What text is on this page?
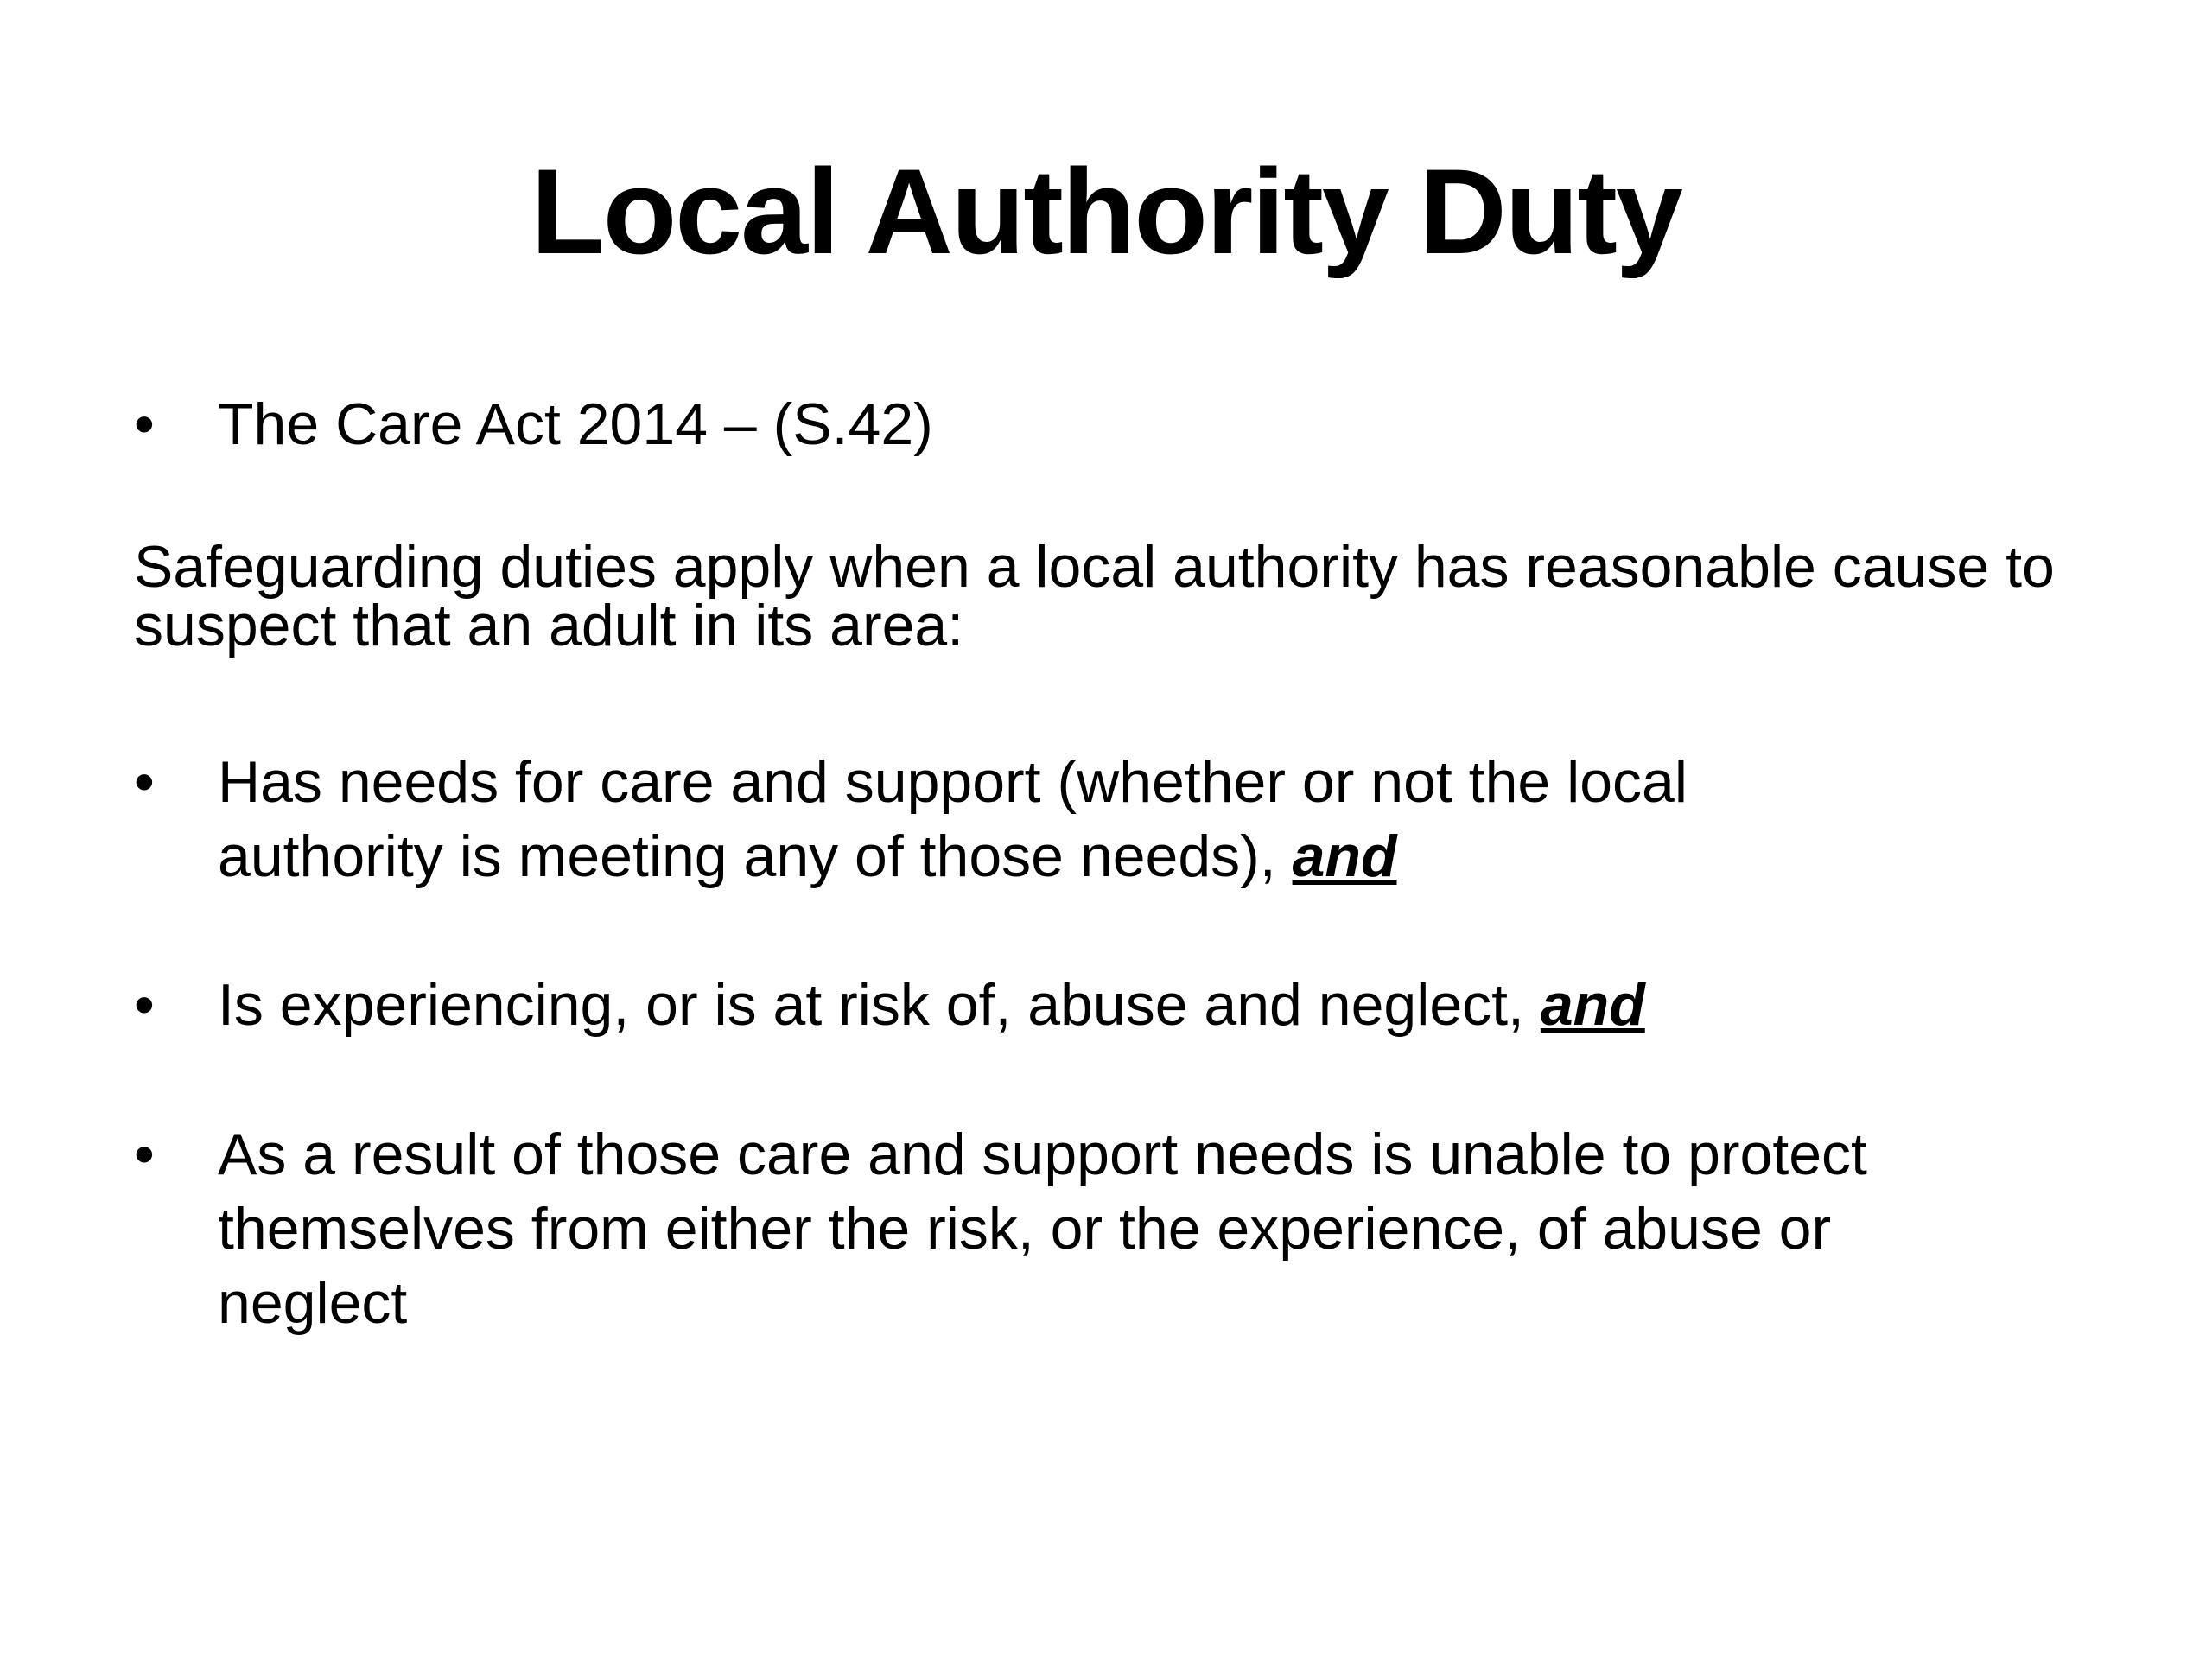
Local Authority Duty
• The Care Act 2014 – (S.42)
Safeguarding duties apply when a local authority has reasonable cause to suspect that an adult in its area:
• Has needs for care and support (whether or not the local
authority is meeting any of those needs), and
• Is experiencing, or is at risk of, abuse and neglect, and
• As a result of those care and support needs is unable to protect
themselves from either the risk, or the experience, of abuse or
neglect
